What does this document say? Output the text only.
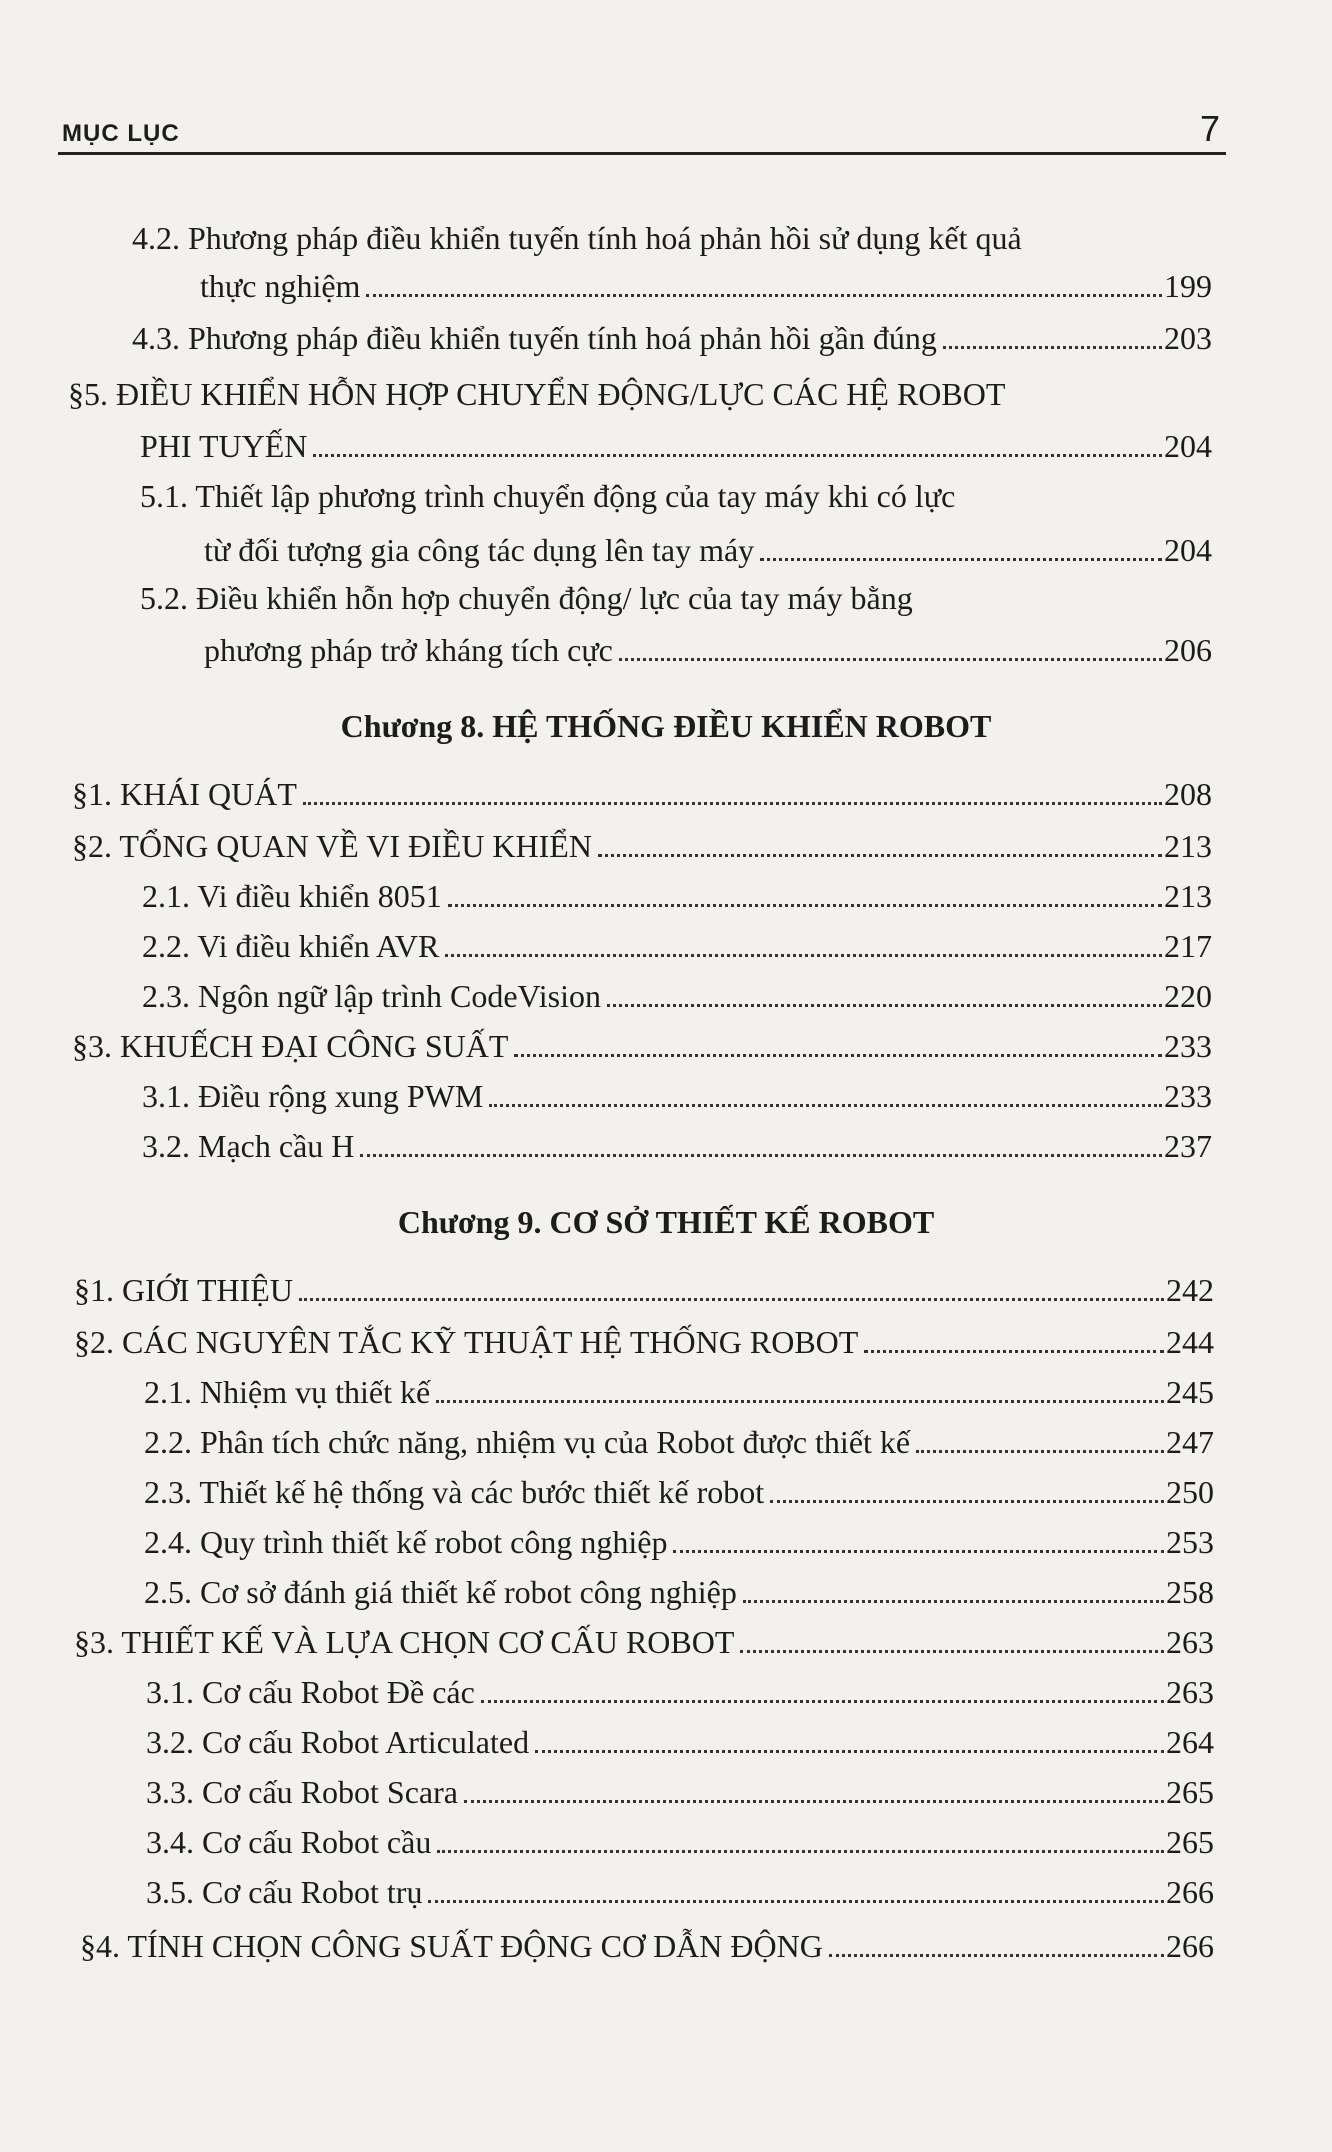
MỤC LỤC	7
4.2. Phương pháp điều khiển tuyến tính hoá phản hồi sử dụng kết quả
thực nghiệm	199
4.3. Phương pháp điều khiển tuyến tính hoá phản hồi gần đúng	203
§5. ĐIỀU KHIỂN HỖN HỢP CHUYỂN ĐỘNG/LỰC CÁC HỆ ROBOT
PHI TUYẾN	204
5.1. Thiết lập phương trình chuyển động của tay máy khi có lực
từ đối tượng gia công tác dụng lên tay máy	204
5.2. Điều khiển hỗn hợp chuyển động/ lực của tay máy bằng
phương pháp trở kháng tích cực	206
Chương 8. HỆ THỐNG ĐIỀU KHIỂN ROBOT
§1. KHÁI QUÁT	208
§2. TỔNG QUAN VỀ VI ĐIỀU KHIỂN	213
2.1. Vi điều khiển 8051	213
2.2. Vi điều khiển AVR	217
2.3. Ngôn ngữ lập trình CodeVision	220
§3. KHUẾCH ĐẠI CÔNG SUẤT	233
3.1. Điều rộng xung PWM	233
3.2. Mạch cầu H	237
Chương 9. CƠ SỞ THIẾT KẾ ROBOT
§1. GIỚI THIỆU	242
§2. CÁC NGUYÊN TẮC KỸ THUẬT HỆ THỐNG ROBOT	244
2.1. Nhiệm vụ thiết kế	245
2.2. Phân tích chức năng, nhiệm vụ của Robot được thiết kế	247
2.3. Thiết kế hệ thống và các bước thiết kế robot	250
2.4. Quy trình thiết kế robot công nghiệp	253
2.5. Cơ sở đánh giá thiết kế robot công nghiệp	258
§3. THIẾT KẾ VÀ LỰA CHỌN CƠ CẤU ROBOT	263
3.1. Cơ cấu Robot Đề các	263
3.2. Cơ cấu Robot Articulated	264
3.3. Cơ cấu Robot Scara	265
3.4. Cơ cấu Robot cầu	265
3.5. Cơ cấu Robot trụ	266
§4. TÍNH CHỌN CÔNG SUẤT ĐỘNG CƠ DẪN ĐỘNG	266
